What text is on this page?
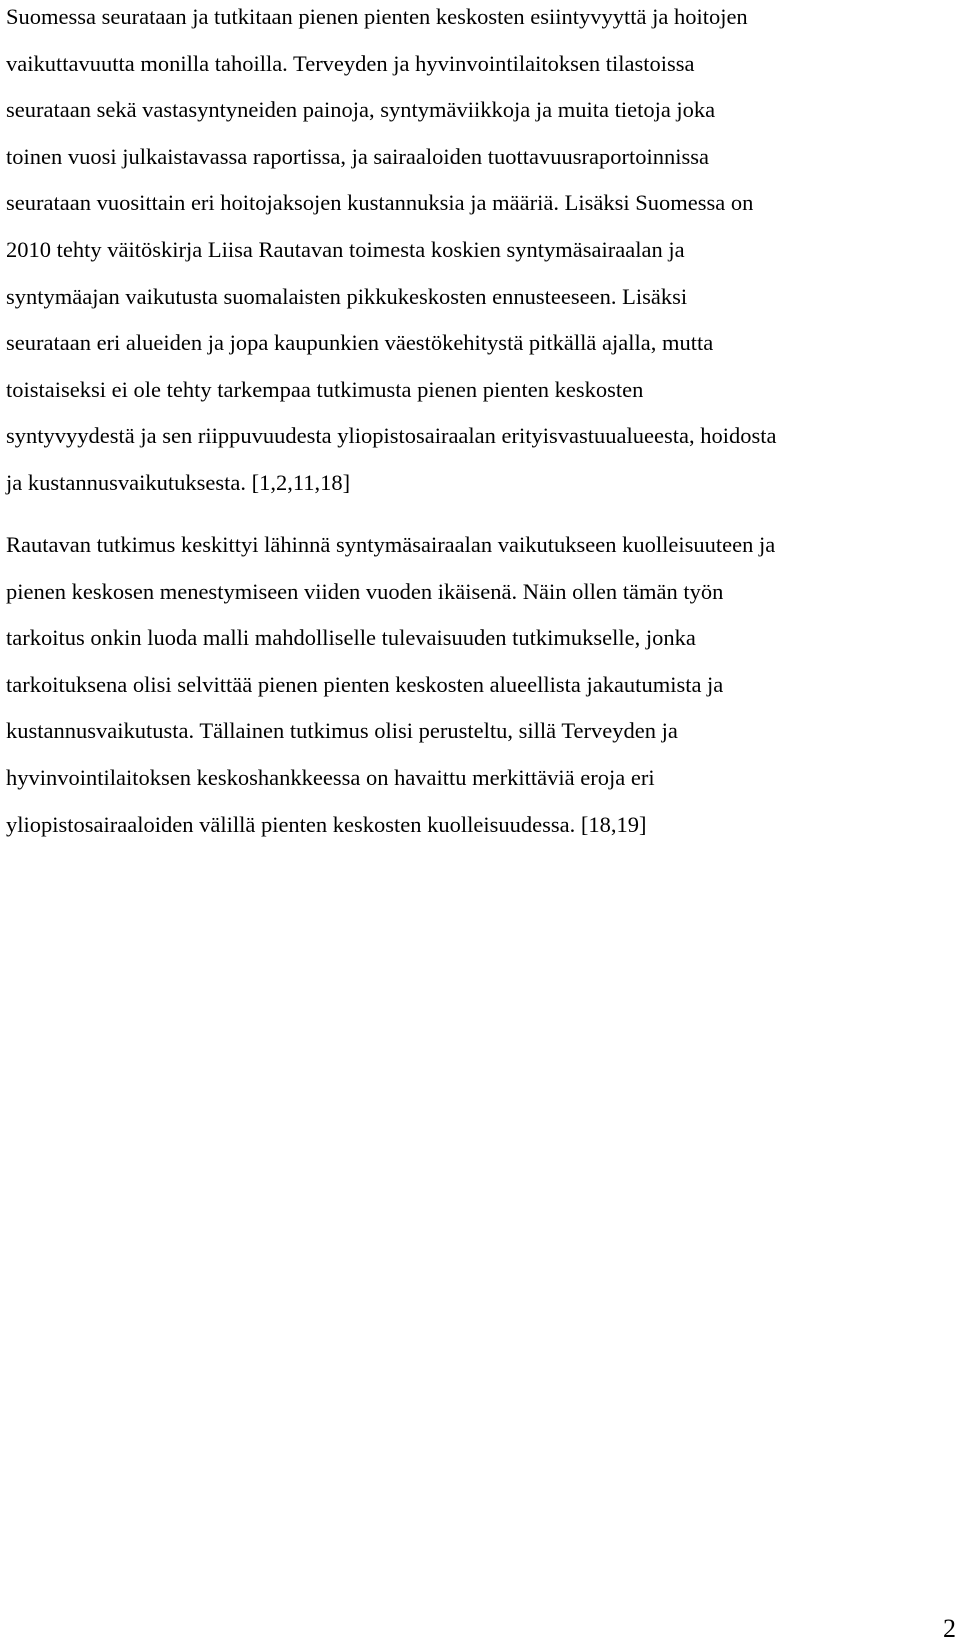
Suomessa seurataan ja tutkitaan pienen pienten keskosten esiintyvyyttä ja hoitojen
vaikuttavuutta monilla tahoilla. Terveyden ja hyvinvointilaitoksen tilastoissa
seurataan sekä vastasyntyneiden painoja, syntymäviikkoja ja muita tietoja joka
toinen vuosi julkaistavassa raportissa, ja sairaaloiden tuottavuusraportoinnissa
seurataan vuosittain eri hoitojaksojen kustannuksia ja määriä. Lisäksi Suomessa on
2010 tehty väitöskirja Liisa Rautavan toimesta koskien syntymäsairaalan ja
syntymäajan vaikutusta suomalaisten pikkukeskosten ennusteeseen. Lisäksi
seurataan eri alueiden ja jopa kaupunkien väestökehitystä pitkällä ajalla, mutta
toistaiseksi ei ole tehty tarkempaa tutkimusta pienen pienten keskosten
syntyvyydestä ja sen riippuvuudesta yliopistosairaalan erityisvastuualueesta, hoidosta
ja kustannusvaikutuksesta. [1,2,11,18]

Rautavan tutkimus keskittyi lähinnä syntymäsairaalan vaikutukseen kuolleisuuteen ja
pienen keskosen menestymiseen viiden vuoden ikäisenä. Näin ollen tämän työn
tarkoitus onkin luoda malli mahdolliselle tulevaisuuden tutkimukselle, jonka
tarkoituksena olisi selvittää pienen pienten keskosten alueellista jakautumista ja
kustannusvaikutusta. Tällainen tutkimus olisi perusteltu, sillä Terveyden ja
hyvinvointilaitoksen keskoshankkeessa on havaittu merkittäviä eroja eri
yliopistosairaaloiden välillä pienten keskosten kuolleisuudessa. [18,19]

2
